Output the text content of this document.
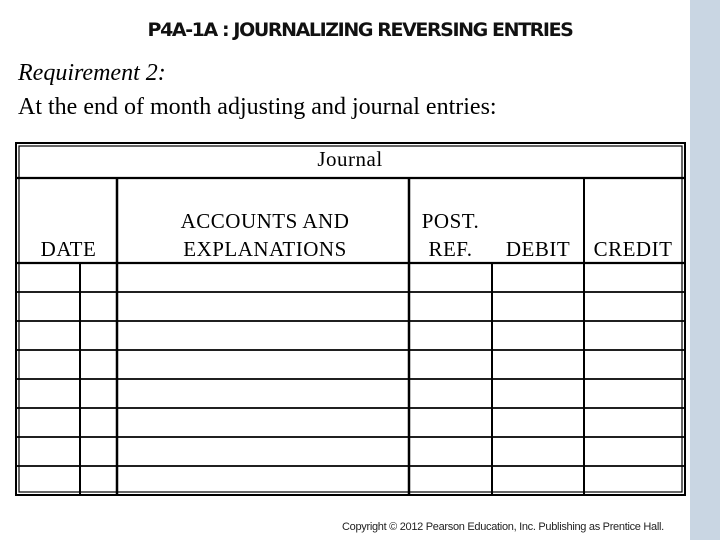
P4A-1A : JOURNALIZING REVERSING ENTRIES
Requirement 2:
At the end of month adjusting and journal entries:
Journal
DATE
ACCOUNTS AND
EXPLANATIONS
POST.
REF.	DEBIT	CREDIT
Copyright © 2012 Pearson Education, Inc. Publishing as Prentice Hall.
